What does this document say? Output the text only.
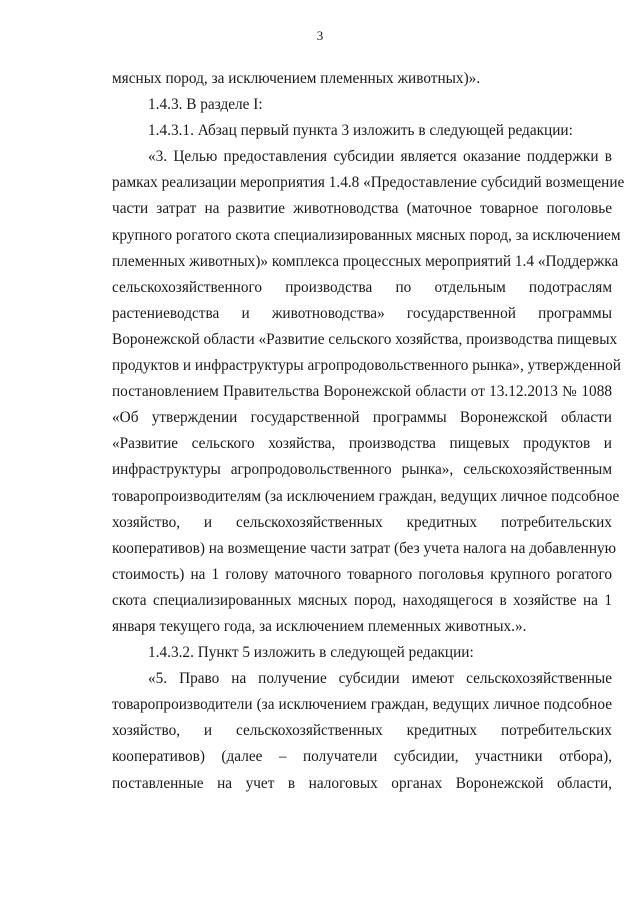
3
мясных пород, за исключением племенных животных)».
1.4.3. В разделе I:
1.4.3.1. Абзац первый пункта 3 изложить в следующей редакции:
«3. Целью предоставления субсидии является оказание поддержки в
рамках реализации мероприятия 1.4.8 «Предоставление субсидий возмещение
части затрат на развитие животноводства (маточное товарное поголовье
крупного рогатого скота специализированных мясных пород, за исключением
племенных животных)» комплекса процессных мероприятий 1.4 «Поддержка
сельскохозяйственного производства по отдельным подотраслям
растениеводства и животноводства» государственной программы
Воронежской области «Развитие сельского хозяйства, производства пищевых
продуктов и инфраструктуры агропродовольственного рынка», утвержденной
постановлением Правительства Воронежской области от 13.12.2013 № 1088
«Об утверждении государственной программы Воронежской области
«Развитие сельского хозяйства, производства пищевых продуктов и
инфраструктуры агропродовольственного рынка», сельскохозяйственным
товаропроизводителям (за исключением граждан, ведущих личное подсобное
хозяйство, и сельскохозяйственных кредитных потребительских
кооперативов) на возмещение части затрат (без учета налога на добавленную
стоимость) на 1 голову маточного товарного поголовья крупного рогатого
скота специализированных мясных пород, находящегося в хозяйстве на 1
января текущего года, за исключением племенных животных.».
1.4.3.2. Пункт 5 изложить в следующей редакции:
«5. Право на получение субсидии имеют сельскохозяйственные
товаропроизводители (за исключением граждан, ведущих личное подсобное
хозяйство, и сельскохозяйственных кредитных потребительских
кооперативов) (далее – получатели субсидии, участники отбора),
поставленные на учет в налоговых органах Воронежской области,
